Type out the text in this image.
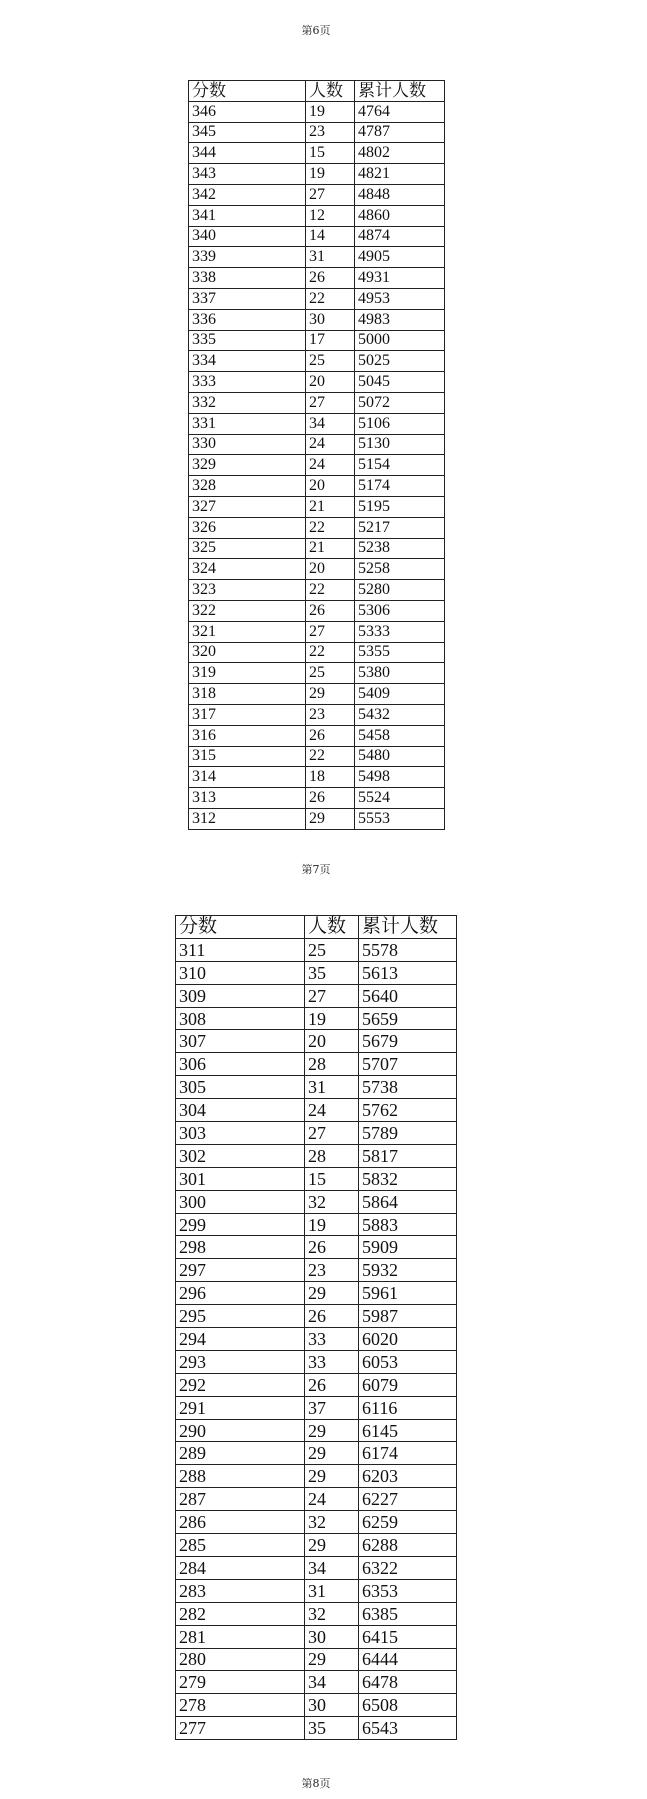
第6页
分数	人数	累计人数
346	19	4764
345	23	4787
344	15	4802
343	19	4821
342	27	4848
341	12	4860
340	14	4874
339	31	4905
338	26	4931
337	22	4953
336	30	4983
335	17	5000
334	25	5025
333	20	5045
332	27	5072
331	34	5106
330	24	5130
329	24	5154
328	20	5174
327	21	5195
326	22	5217
325	21	5238
324	20	5258
323	22	5280
322	26	5306
321	27	5333
320	22	5355
319	25	5380
318	29	5409
317	23	5432
316	26	5458
315	22	5480
314	18	5498
313	26	5524
312	29	5553
第7页
分数	人数	累计人数
311	25	5578
310	35	5613
309	27	5640
308	19	5659
307	20	5679
306	28	5707
305	31	5738
304	24	5762
303	27	5789
302	28	5817
301	15	5832
300	32	5864
299	19	5883
298	26	5909
297	23	5932
296	29	5961
295	26	5987
294	33	6020
293	33	6053
292	26	6079
291	37	6116
290	29	6145
289	29	6174
288	29	6203
287	24	6227
286	32	6259
285	29	6288
284	34	6322
283	31	6353
282	32	6385
281	30	6415
280	29	6444
279	34	6478
278	30	6508
277	35	6543
第8页
